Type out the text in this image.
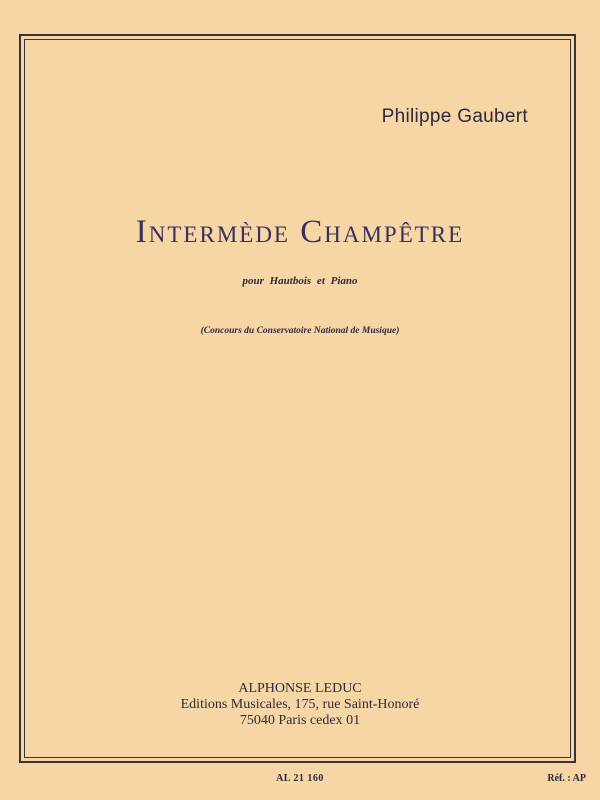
Philippe Gaubert
Intermède Champêtre
pour Hautbois et Piano
(Concours du Conservatoire National de Musique)
ALPHONSE LEDUC
Editions Musicales, 175, rue Saint-Honoré
75040 Paris cedex 01
AL 21 160	Réf. : AP
